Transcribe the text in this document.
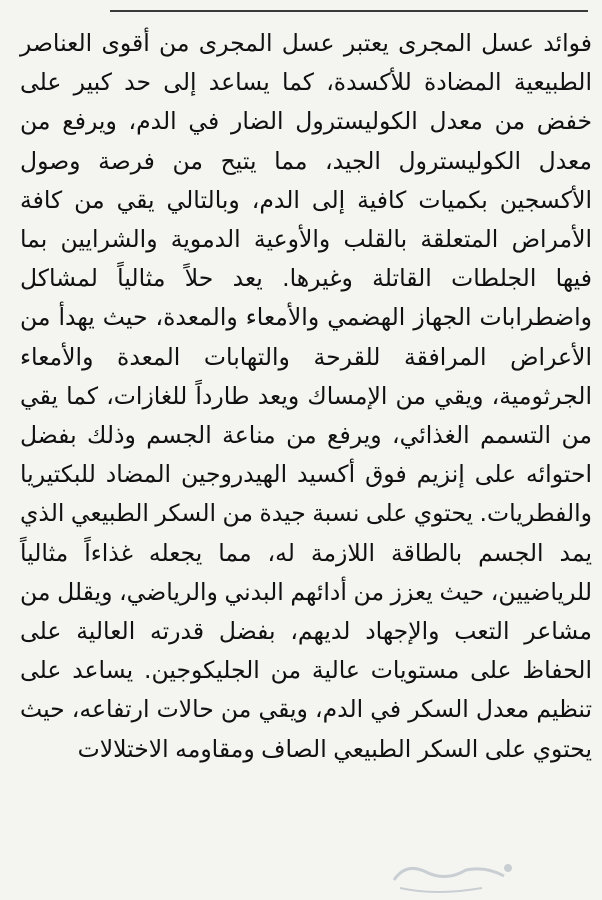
فوائد عسل المجرى يعتبر عسل المجرى من أقوى العناصر الطبيعية المضادة للأكسدة، كما يساعد إلى حد كبير على خفض من معدل الكوليسترول الضار في الدم، ويرفع من معدل الكوليسترول الجيد، مما يتيح من فرصة وصول الأكسجين بكميات كافية إلى الدم، وبالتالي يقي من كافة الأمراض المتعلقة بالقلب والأوعية الدموية والشرايين بما فيها الجلطات القاتلة وغيرها. يعد حلاً مثالياً لمشاكل واضطرابات الجهاز الهضمي والأمعاء والمعدة، حيث يهدأ من الأعراض المرافقة للقرحة والتهابات المعدة والأمعاء الجرثومية، ويقي من الإمساك ويعد طارداً للغازات، كما يقي من التسمم الغذائي، ويرفع من مناعة الجسم وذلك بفضل احتوائه على إنزيم فوق أكسيد الهيدروجين المضاد للبكتيريا والفطريات. يحتوي على نسبة جيدة من السكر الطبيعي الذي يمد الجسم بالطاقة اللازمة له، مما يجعله غذاءاً مثالياً للرياضيين، حيث يعزز من أدائهم البدني والرياضي، ويقلل من مشاعر التعب والإجهاد لديهم، بفضل قدرته العالية على الحفاظ على مستويات عالية من الجليكوجين. يساعد على تنظيم معدل السكر في الدم، ويقي من حالات ارتفاعه، حيث يحتوي على السكر الطبيعي الصاف ومقاومه الاختلالات
